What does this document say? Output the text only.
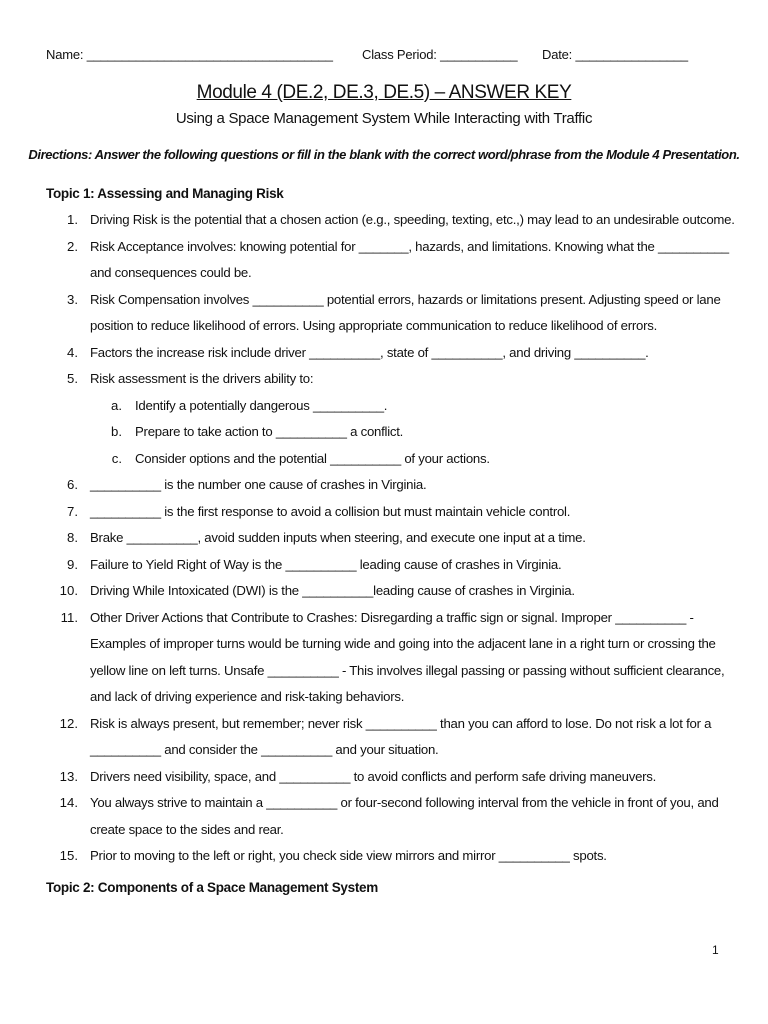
Name: ___________________________________ Class Period: ___________ Date: ________________
Module 4 (DE.2, DE.3, DE.5) – ANSWER KEY
Using a Space Management System While Interacting with Traffic
Directions: Answer the following questions or fill in the blank with the correct word/phrase from the Module 4 Presentation.
Topic 1: Assessing and Managing Risk
1. Driving Risk is the potential that a chosen action (e.g., speeding, texting, etc.,) may lead to an undesirable outcome.
2. Risk Acceptance involves: knowing potential for _______, hazards, and limitations. Knowing what the __________
and consequences could be.
3. Risk Compensation involves __________ potential errors, hazards or limitations present. Adjusting speed or lane
position to reduce likelihood of errors. Using appropriate communication to reduce likelihood of errors.
4. Factors the increase risk include driver __________, state of __________, and driving __________.
5. Risk assessment is the drivers ability to:
a. Identify a potentially dangerous __________.
b. Prepare to take action to __________ a conflict.
c. Consider options and the potential __________ of your actions.
6. __________ is the number one cause of crashes in Virginia.
7. __________ is the first response to avoid a collision but must maintain vehicle control.
8. Brake __________, avoid sudden inputs when steering, and execute one input at a time.
9. Failure to Yield Right of Way is the __________ leading cause of crashes in Virginia.
10. Driving While Intoxicated (DWI) is the __________leading cause of crashes in Virginia.
11. Other Driver Actions that Contribute to Crashes: Disregarding a traffic sign or signal. Improper __________ -
Examples of improper turns would be turning wide and going into the adjacent lane in a right turn or crossing the
yellow line on left turns. Unsafe __________ - This involves illegal passing or passing without sufficient clearance,
and lack of driving experience and risk-taking behaviors.
12. Risk is always present, but remember; never risk __________ than you can afford to lose. Do not risk a lot for a
__________ and consider the __________ and your situation.
13. Drivers need visibility, space, and __________ to avoid conflicts and perform safe driving maneuvers.
14. You always strive to maintain a __________ or four-second following interval from the vehicle in front of you, and
create space to the sides and rear.
15. Prior to moving to the left or right, you check side view mirrors and mirror __________ spots.
Topic 2: Components of a Space Management System
1
